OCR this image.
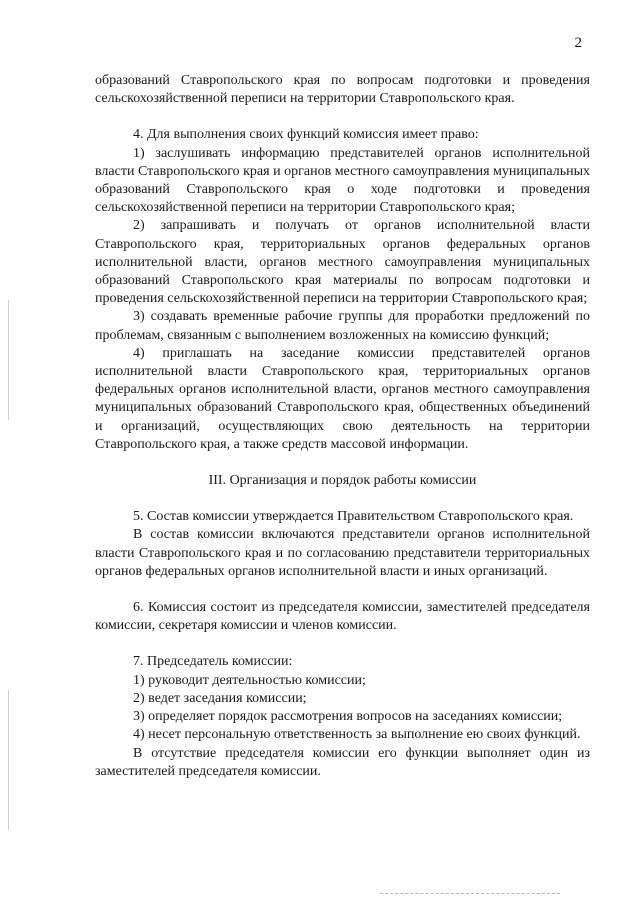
2

образований Ставропольского края по вопросам подготовки и проведения сельскохозяйственной переписи на территории Ставропольского края.

4. Для выполнения своих функций комиссия имеет право:

1) заслушивать информацию представителей органов исполнительной власти Ставропольского края и органов местного самоуправления муниципальных образований Ставропольского края о ходе подготовки и проведения сельскохозяйственной переписи на территории Ставропольского края;

2) запрашивать и получать от органов исполнительной власти Ставропольского края, территориальных органов федеральных органов исполнительной власти, органов местного самоуправления муниципальных образований Ставропольского края материалы по вопросам подготовки и проведения сельскохозяйственной переписи на территории Ставропольского края;

3) создавать временные рабочие группы для проработки предложений по проблемам, связанным с выполнением возложенных на комиссию функций;

4) приглашать на заседание комиссии представителей органов исполнительной власти Ставропольского края, территориальных органов федеральных органов исполнительной власти, органов местного самоуправления муниципальных образований Ставропольского края, общественных объединений и организаций, осуществляющих свою деятельность на территории Ставропольского края, а также средств массовой информации.

III. Организация и порядок работы комиссии

5. Состав комиссии утверждается Правительством Ставропольского края.

В состав комиссии включаются представители органов исполнительной власти Ставропольского края и по согласованию представители территориальных органов федеральных органов исполнительной власти и иных организаций.

6. Комиссия состоит из председателя комиссии, заместителей председателя комиссии, секретаря комиссии и членов комиссии.

7. Председатель комиссии:

1) руководит деятельностью комиссии;

2) ведет заседания комиссии;

3) определяет порядок рассмотрения вопросов на заседаниях комиссии;

4) несет персональную ответственность за выполнение ею своих функций.

В отсутствие председателя комиссии его функции выполняет один из заместителей председателя комиссии.
